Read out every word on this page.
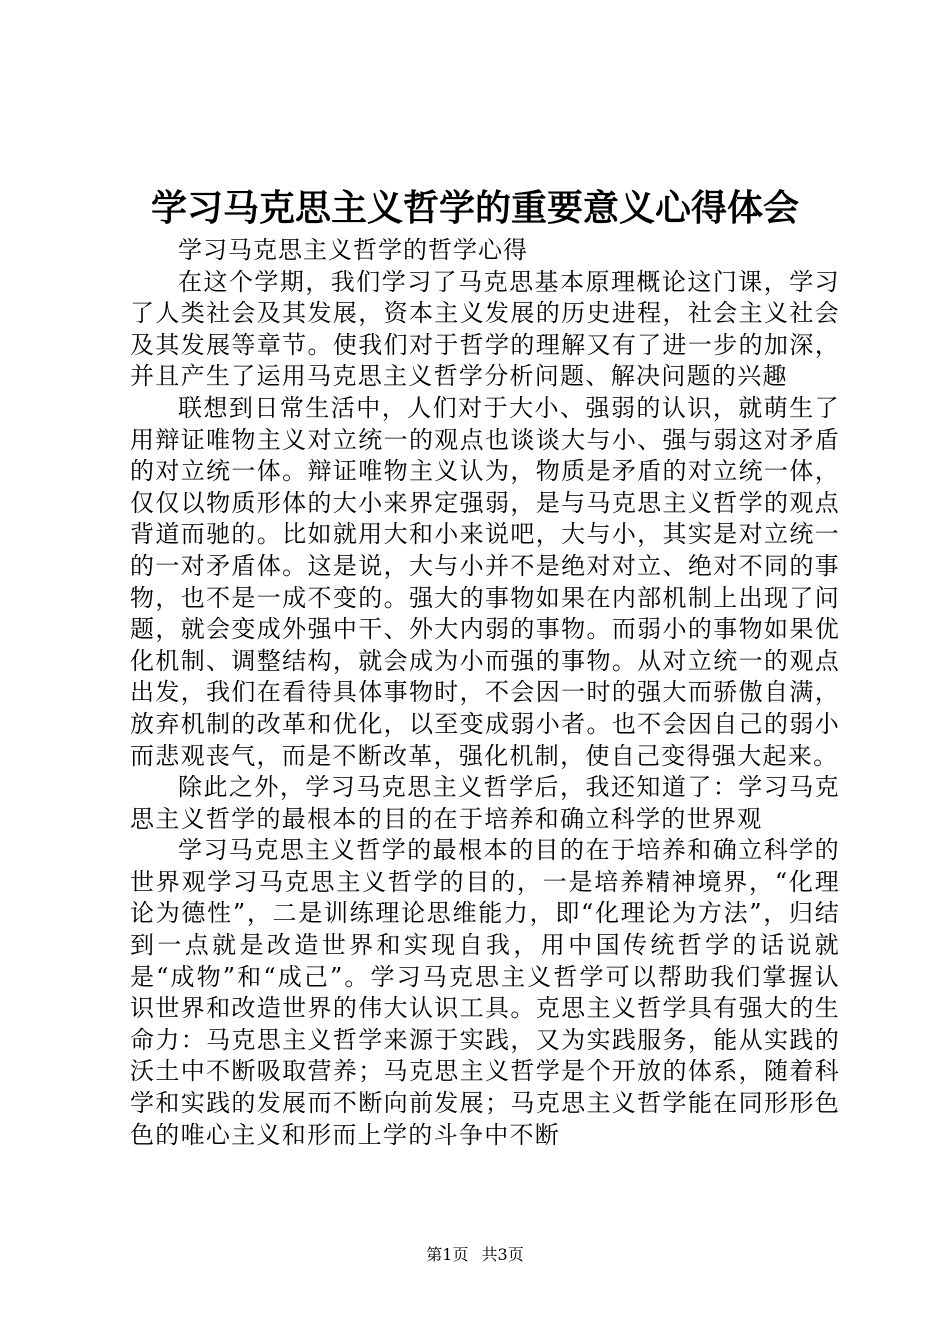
学习马克思主义哲学的重要意义心得体会

学习马克思主义哲学的哲学心得

在这个学期，我们学习了马克思基本原理概论这门课，学习了人类社会及其发展，资本主义发展的历史进程，社会主义社会及其发展等章节。使我们对于哲学的理解又有了进一步的加深，并且产生了运用马克思主义哲学分析问题、解决问题的兴趣

联想到日常生活中，人们对于大小、强弱的认识，就萌生了用辩证唯物主义对立统一的观点也谈谈大与小、强与弱这对矛盾的对立统一体。辩证唯物主义认为，物质是矛盾的对立统一体，仅仅以物质形体的大小来界定强弱，是与马克思主义哲学的观点背道而驰的。比如就用大和小来说吧，大与小，其实是对立统一的一对矛盾体。这是说，大与小并不是绝对对立、绝对不同的事物，也不是一成不变的。强大的事物如果在内部机制上出现了问题，就会变成外强中干、外大内弱的事物。而弱小的事物如果优化机制、调整结构，就会成为小而强的事物。从对立统一的观点出发，我们在看待具体事物时，不会因一时的强大而骄傲自满，放弃机制的改革和优化，以至变成弱小者。也不会因自己的弱小而悲观丧气，而是不断改革，强化机制，使自己变得强大起来。

除此之外，学习马克思主义哲学后，我还知道了：学习马克思主义哲学的最根本的目的在于培养和确立科学的世界观

学习马克思主义哲学的最根本的目的在于培养和确立科学的世界观学习马克思主义哲学的目的，一是培养精神境界，“化理论为德性”，二是训练理论思维能力，即“化理论为方法”，归结到一点就是改造世界和实现自我，用中国传统哲学的话说就是“成物”和“成己”。学习马克思主义哲学可以帮助我们掌握认识世界和改造世界的伟大认识工具。克思主义哲学具有强大的生命力：马克思主义哲学来源于实践，又为实践服务，能从实践的沃土中不断吸取营养；马克思主义哲学是个开放的体系，随着科学和实践的发展而不断向前发展；马克思主义哲学能在同形形色色的唯心主义和形而上学的斗争中不断

第1页 共3页
